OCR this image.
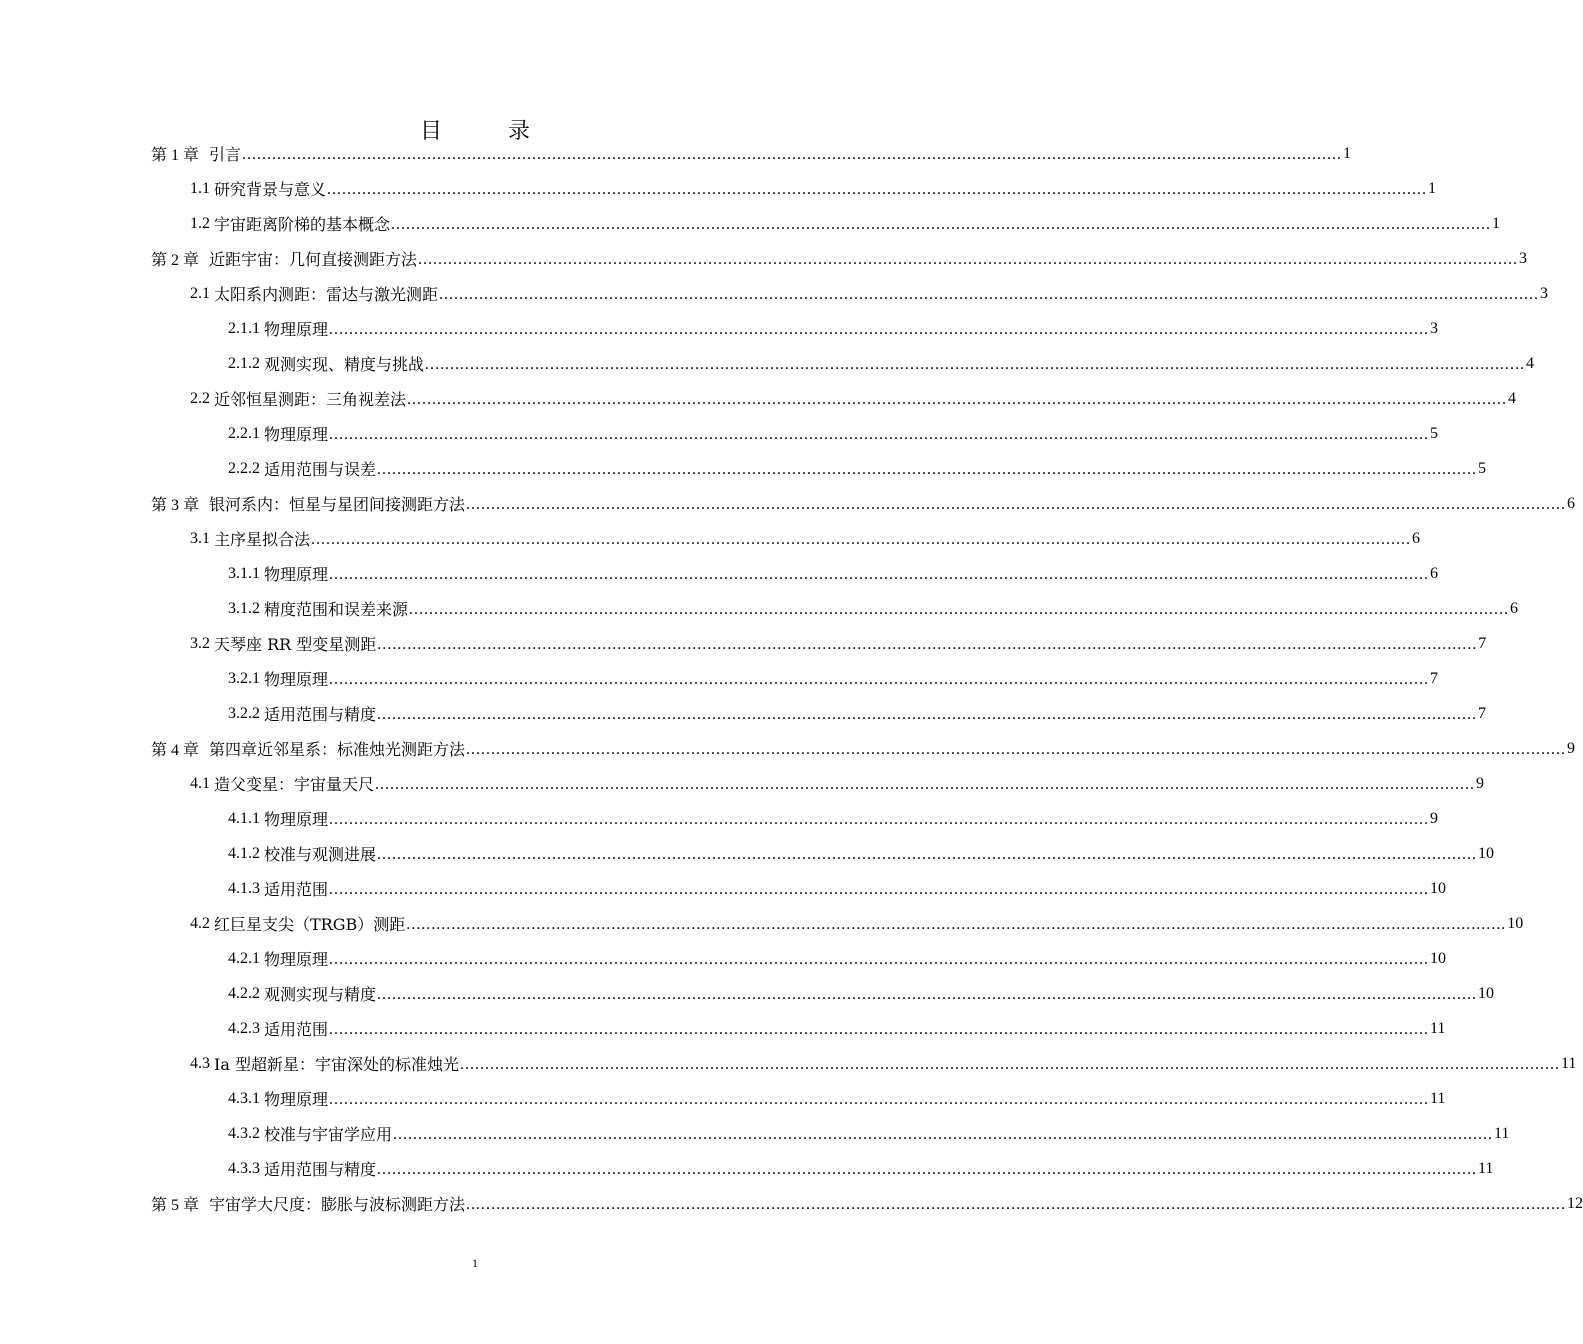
目　录
第 1 章 引言 ............................................................................................................................................................................................................................ 1
1.1 研究背景与意义 ............................................................................................................................................................................................................................ 1
1.2 宇宙距离阶梯的基本概念 ............................................................................................................................................................................................................................ 1
第 2 章 近距宇宙：几何直接测距方法 ............................................................................................................................................................................................................................ 3
2.1 太阳系内测距：雷达与激光测距 ............................................................................................................................................................................................................................ 3
2.1.1 物理原理 ............................................................................................................................................................................................................................ 3
2.1.2 观测实现、精度与挑战 ............................................................................................................................................................................................................................ 4
2.2 近邻恒星测距：三角视差法 ............................................................................................................................................................................................................................ 4
2.2.1 物理原理 ............................................................................................................................................................................................................................ 5
2.2.2 适用范围与误差 ............................................................................................................................................................................................................................ 5
第 3 章 银河系内：恒星与星团间接测距方法 ............................................................................................................................................................................................................................ 6
3.1 主序星拟合法 ............................................................................................................................................................................................................................ 6
3.1.1 物理原理 ............................................................................................................................................................................................................................ 6
3.1.2 精度范围和误差来源 ............................................................................................................................................................................................................................ 6
3.2 天琴座 RR 型变星测距 ............................................................................................................................................................................................................................ 7
3.2.1 物理原理 ............................................................................................................................................................................................................................ 7
3.2.2 适用范围与精度 ............................................................................................................................................................................................................................ 7
第 4 章 第四章近邻星系：标准烛光测距方法 ............................................................................................................................................................................................................................ 9
4.1 造父变星：宇宙量天尺 ............................................................................................................................................................................................................................ 9
4.1.1 物理原理 ............................................................................................................................................................................................................................ 9
4.1.2 校准与观测进展 ............................................................................................................................................................................................................................ 10
4.1.3 适用范围 ............................................................................................................................................................................................................................ 10
4.2 红巨星支尖（TRGB）测距 ............................................................................................................................................................................................................................ 10
4.2.1 物理原理 ............................................................................................................................................................................................................................ 10
4.2.2 观测实现与精度 ............................................................................................................................................................................................................................ 10
4.2.3 适用范围 ............................................................................................................................................................................................................................ 11
4.3 Ia 型超新星：宇宙深处的标准烛光 ............................................................................................................................................................................................................................ 11
4.3.1 物理原理 ............................................................................................................................................................................................................................ 11
4.3.2 校准与宇宙学应用 ............................................................................................................................................................................................................................ 11
4.3.3 适用范围与精度 ............................................................................................................................................................................................................................ 11
第 5 章 宇宙学大尺度：膨胀与波标测距方法 ............................................................................................................................................................................................................................ 12
1
